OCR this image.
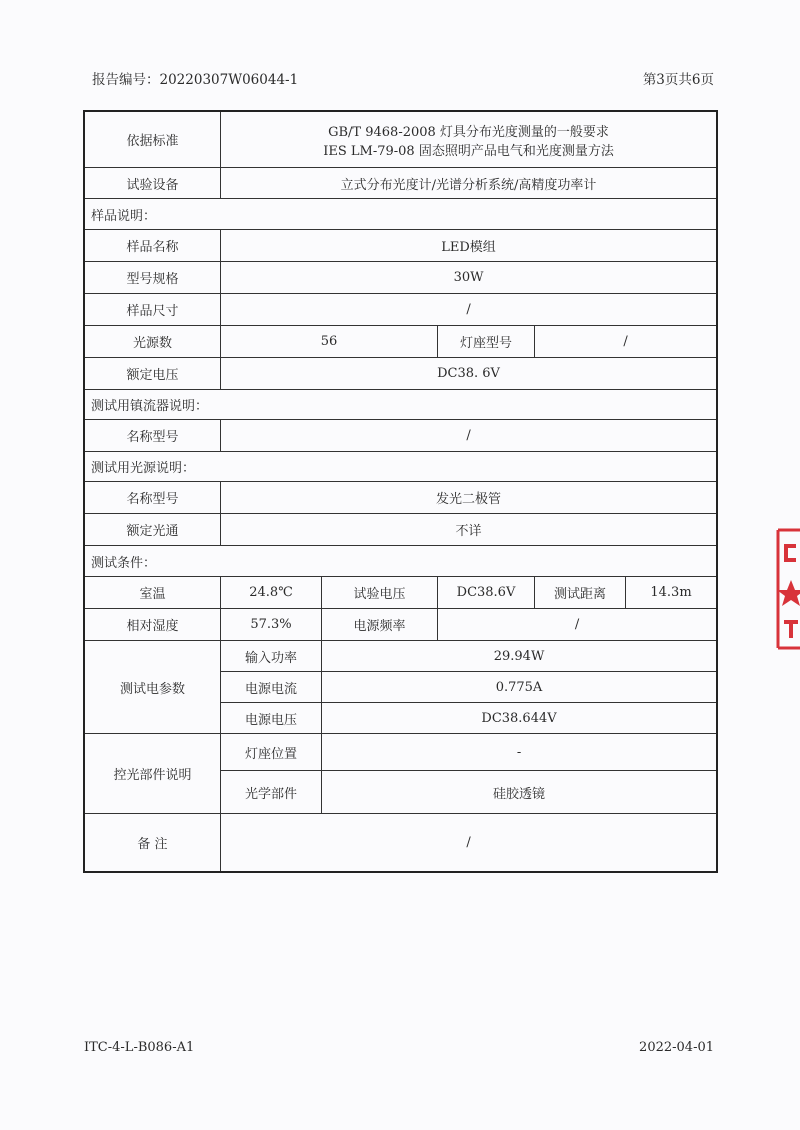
报告编号：20220307W06044-1	第3页共6页
依据标准	GB/T 9468-2008 灯具分布光度测量的一般要求
IES LM-79-08 固态照明产品电气和光度测量方法				

试验设备	立式分布光度计/光谱分析系统/高精度功率计				
样品说明：					
样品名称	LED模组				
型号规格	30W				
样品尺寸	/				
光源数	56		灯座型号	/	
额定电压	DC38. 6V				
测试用镇流器说明：					
名称型号	/				
测试用光源说明：					
名称型号	发光二极管				
额定光通	不详				
测试条件：					
室温	24.8℃	试验电压	DC38.6V	测试距离	14.3m
相对湿度	57.3%	电源频率	/		
测试电参数	输入功率	29.94W			
	电源电流	0.775A			
	电源电压	DC38.644V			
控光部件说明	灯座位置	-			
	光学部件	硅胶透镜			
备 注	/				
ITC-4-L-B086-A1	2022-04-01
